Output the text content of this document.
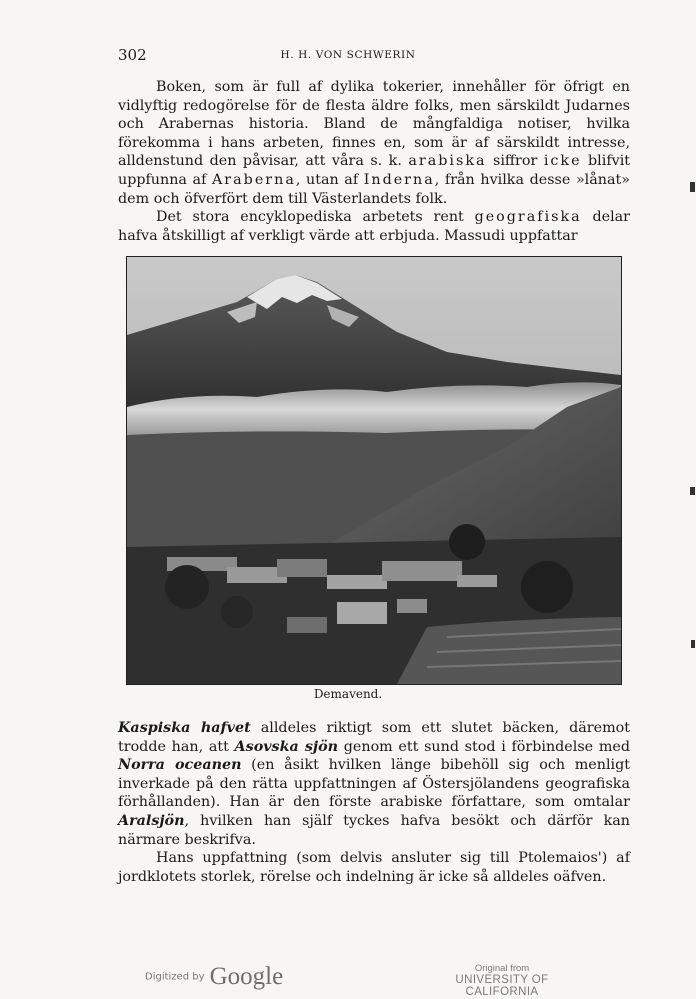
302	H. H. VON SCHWERIN

Boken, som är full af dylika tokerier, innehåller för öfrigt en vidlyftig redogörelse för de flesta äldre folks, men särskildt Judarnes och Arabernas historia. Bland de mångfaldiga notiser, hvilka förekomma i hans arbeten, finnes en, som är af särskildt intresse, alldenstund den påvisar, att våra s. k. arabiska siffror icke blifvit uppfunna af Araberna, utan af Inderna, från hvilka desse »lånat» dem och öfverfört dem till Västerlandets folk.

Det stora encyklopediska arbetets rent geografiska delar hafva åtskilligt af verkligt värde att erbjuda. Massudi uppfattar

Demavend.

Kaspiska hafvet alldeles riktigt som ett slutet bäcken, däremot trodde han, att Asovska sjön genom ett sund stod i förbindelse med Norra oceanen (en åsikt hvilken länge bibehöll sig och menligt inverkade på den rätta uppfattningen af Östersjölandens geografiska förhållanden). Han är den förste arabiske författare, som omtalar Aralsjön, hvilken han själf tyckes hafva besökt och därför kan närmare beskrifva.

Hans uppfattning (som delvis ansluter sig till Ptolemaios') af jordklotets storlek, rörelse och indelning är icke så alldeles oäfven.

Digitized by Google	Original from
UNIVERSITY OF CALIFORNIA
